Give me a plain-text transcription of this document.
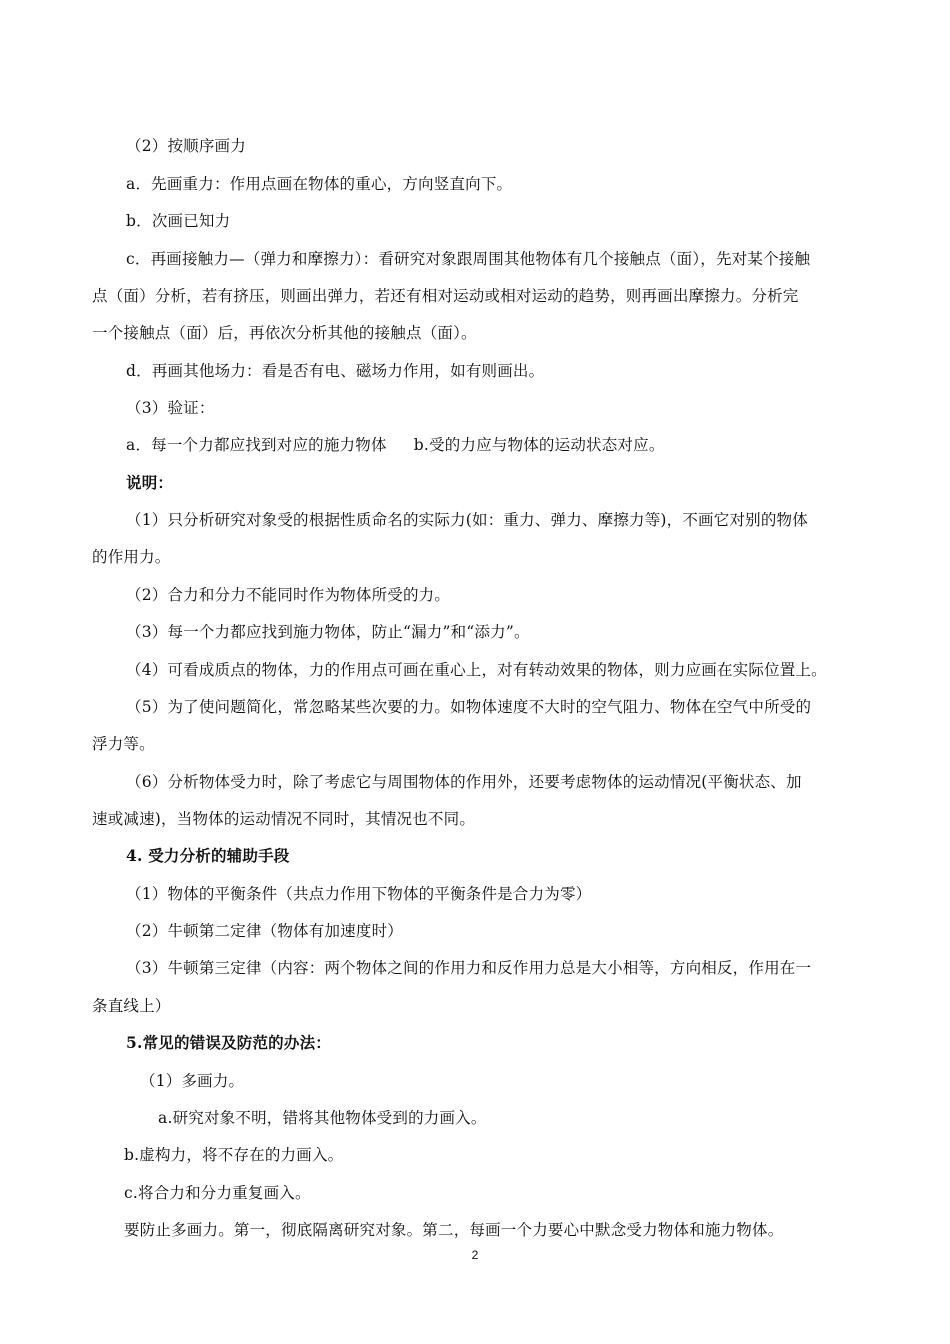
（2）按顺序画力
a．先画重力：作用点画在物体的重心，方向竖直向下。
b．次画已知力
c．再画接触力—（弹力和摩擦力）：看研究对象跟周围其他物体有几个接触点（面），先对某个接触
点（面）分析，若有挤压，则画出弹力，若还有相对运动或相对运动的趋势，则再画出摩擦力。分析完
一个接触点（面）后，再依次分析其他的接触点（面）。
d．再画其他场力：看是否有电、磁场力作用，如有则画出。
（3）验证：
a．每一个力都应找到对应的施力物体 b.受的力应与物体的运动状态对应。
说明：
（1）只分析研究对象受的根据性质命名的实际力(如：重力、弹力、摩擦力等)，不画它对别的物体
的作用力。
（2）合力和分力不能同时作为物体所受的力。
（3）每一个力都应找到施力物体，防止“漏力”和“添力”。
（4）可看成质点的物体，力的作用点可画在重心上，对有转动效果的物体，则力应画在实际位置上。
（5）为了使问题简化，常忽略某些次要的力。如物体速度不大时的空气阻力、物体在空气中所受的
浮力等。
（6）分析物体受力时，除了考虑它与周围物体的作用外，还要考虑物体的运动情况(平衡状态、加
速或减速)，当物体的运动情况不同时，其情况也不同。
4. 受力分析的辅助手段
（1）物体的平衡条件（共点力作用下物体的平衡条件是合力为零）
（2）牛顿第二定律（物体有加速度时）
（3）牛顿第三定律（内容：两个物体之间的作用力和反作用力总是大小相等，方向相反，作用在一
条直线上）
5.常见的错误及防范的办法：
（1）多画力。
a.研究对象不明，错将其他物体受到的力画入。
b.虚构力，将不存在的力画入。
c.将合力和分力重复画入。
要防止多画力。第一，彻底隔离研究对象。第二，每画一个力要心中默念受力物体和施力物体。
2
